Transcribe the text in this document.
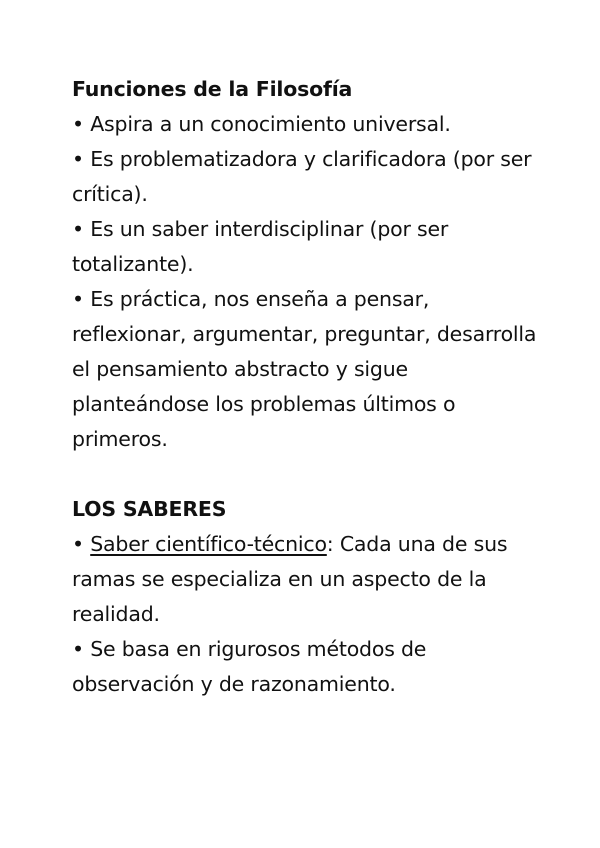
Funciones de la Filosofía

• Aspira a un conocimiento universal.

• Es problematizadora y clarificadora (por ser crítica).

• Es un saber interdisciplinar (por ser totalizante).

• Es práctica, nos enseña a pensar, reflexionar, argumentar, preguntar, desarrolla el pensamiento abstracto y sigue planteándose los problemas últimos o primeros.

LOS SABERES

• Saber científico-técnico: Cada una de sus ramas se especializa en un aspecto de la realidad.

• Se basa en rigurosos métodos de observación y de razonamiento.
